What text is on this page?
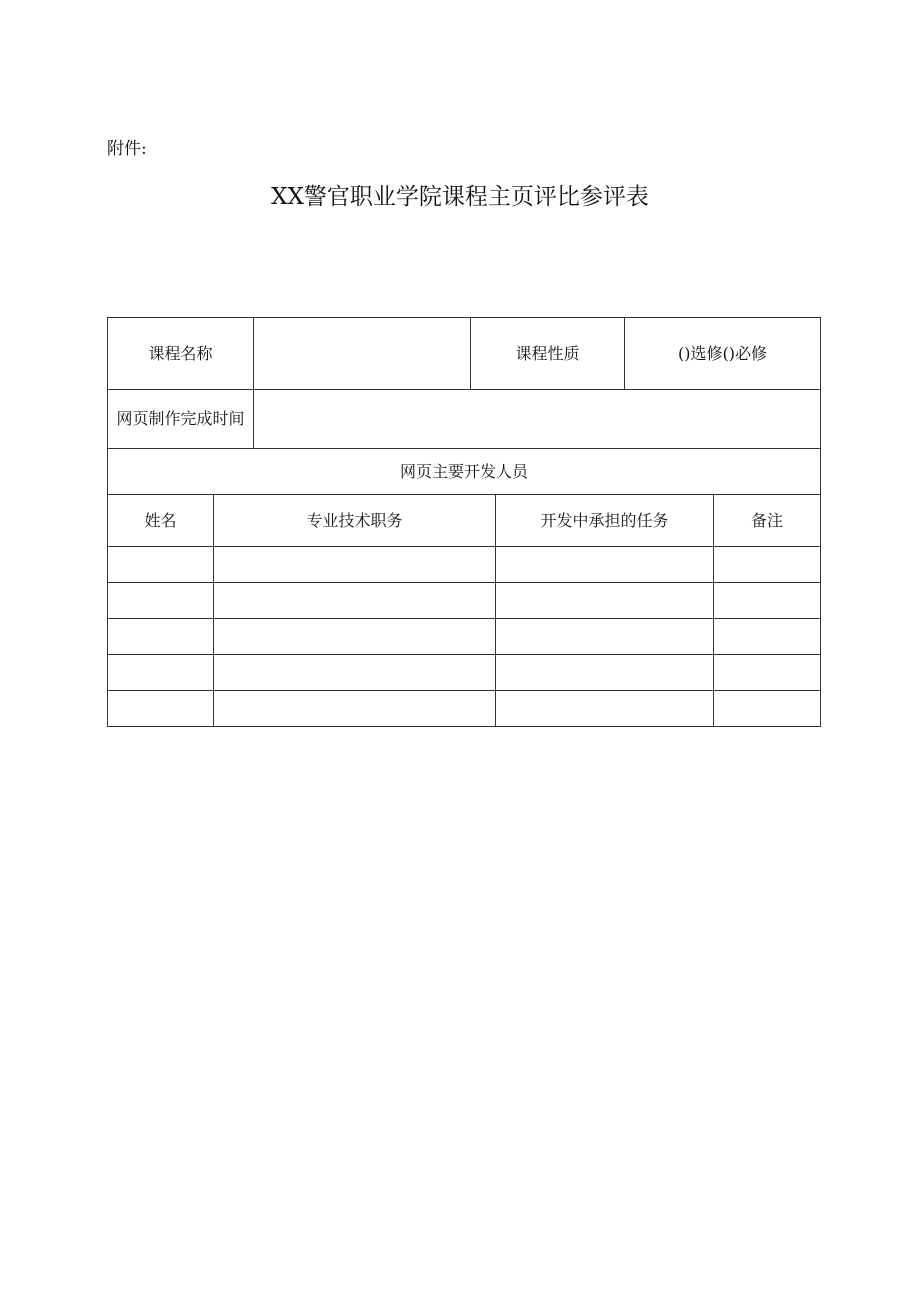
附件:
XX警官职业学院课程主页评比参评表
课程名称			课程性质		()选修()必修	
网页制作完成时间						
网页主要开发人员						
姓名	专业技术职务			开发中承担的任务		备注
